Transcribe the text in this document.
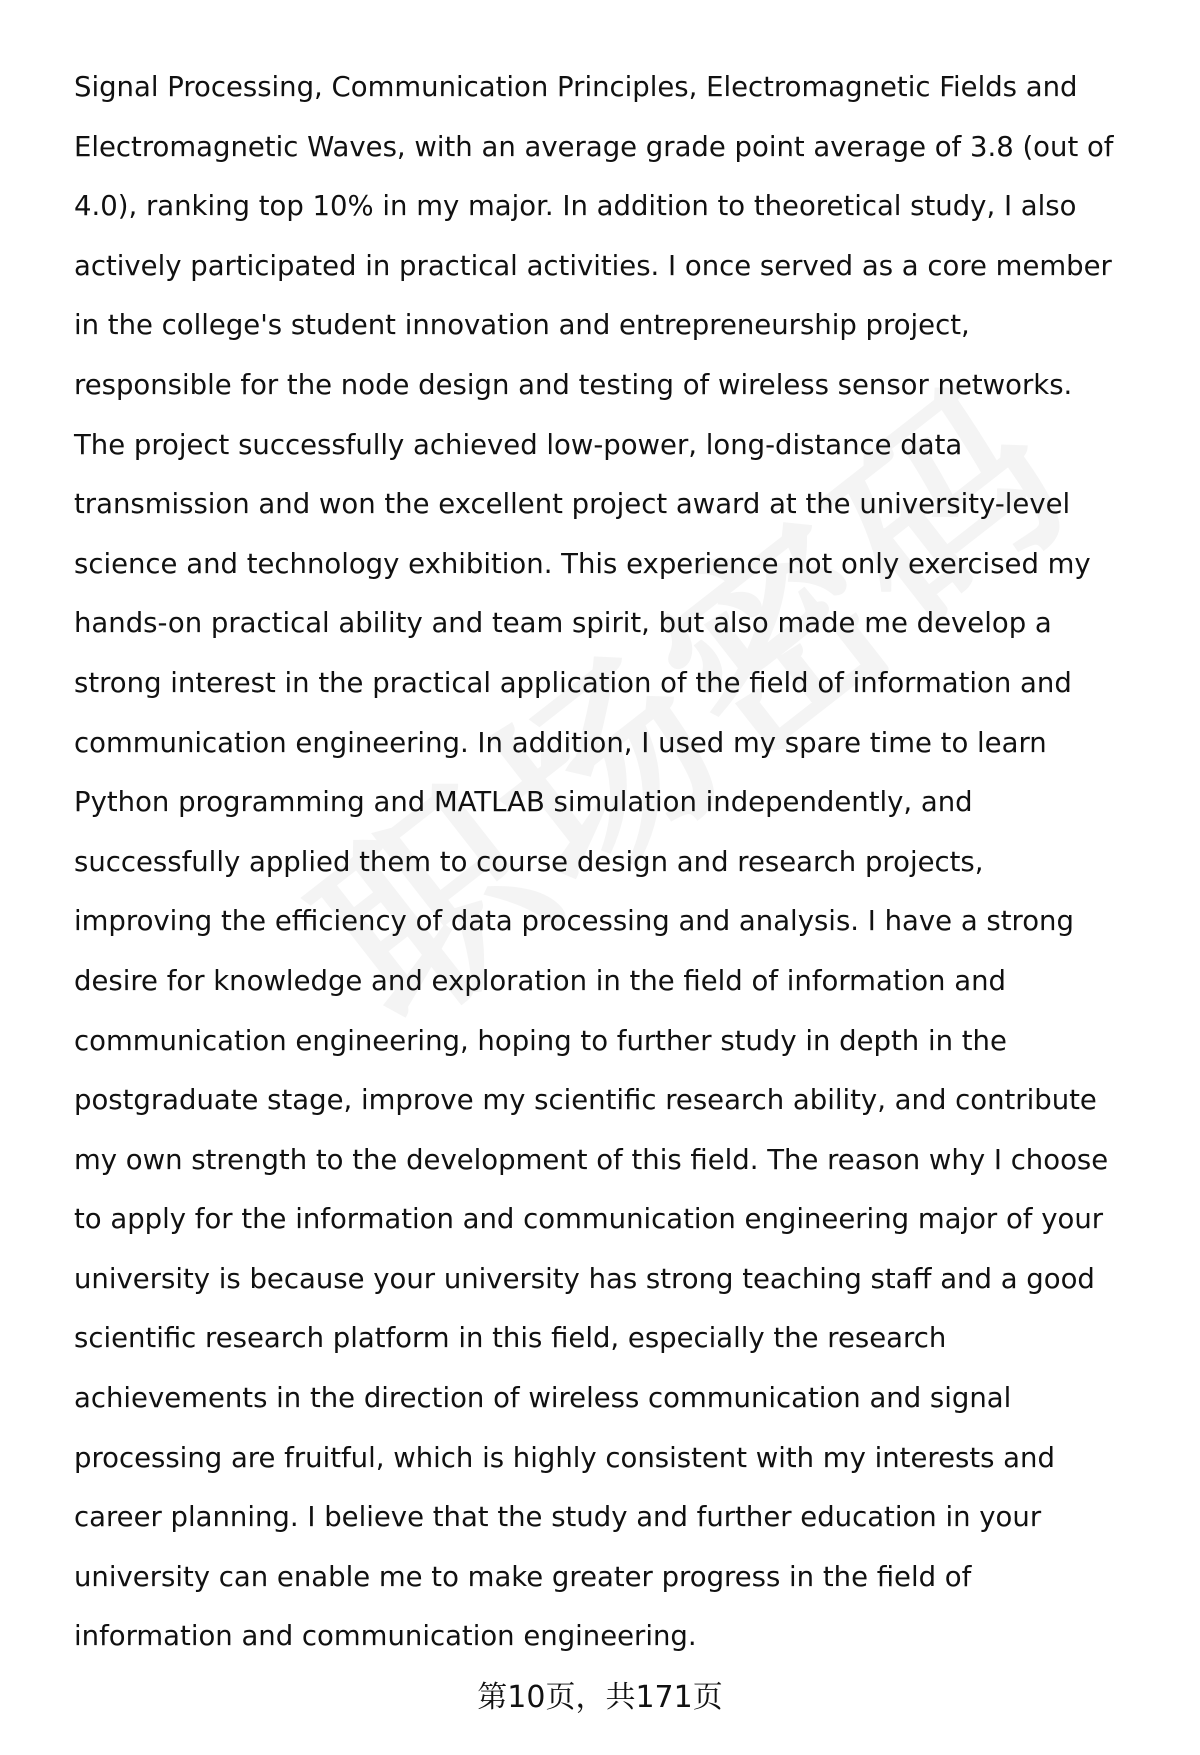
Signal Processing, Communication Principles, Electromagnetic Fields and
Electromagnetic Waves, with an average grade point average of 3.8 (out of
4.0), ranking top 10% in my major. In addition to theoretical study, I also
actively participated in practical activities. I once served as a core member
in the college's student innovation and entrepreneurship project,
responsible for the node design and testing of wireless sensor networks.
The project successfully achieved low-power, long-distance data
transmission and won the excellent project award at the university-level
science and technology exhibition. This experience not only exercised my
hands-on practical ability and team spirit, but also made me develop a
strong interest in the practical application of the field of information and
communication engineering. In addition, I used my spare time to learn
Python programming and MATLAB simulation independently, and
successfully applied them to course design and research projects,
improving the efficiency of data processing and analysis. I have a strong
desire for knowledge and exploration in the field of information and
communication engineering, hoping to further study in depth in the
postgraduate stage, improve my scientific research ability, and contribute
my own strength to the development of this field. The reason why I choose
to apply for the information and communication engineering major of your
university is because your university has strong teaching staff and a good
scientific research platform in this field, especially the research
achievements in the direction of wireless communication and signal
processing are fruitful, which is highly consistent with my interests and
career planning. I believe that the study and further education in your
university can enable me to make greater progress in the field of
information and communication engineering.
第10页，共171页
